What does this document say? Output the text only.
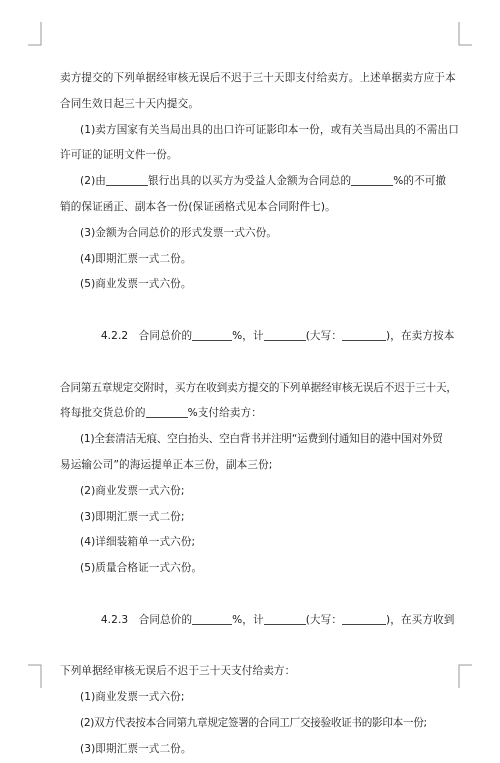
卖方提交的下列单据经审核无误后不迟于三十天即支付给卖方。上述单据卖方应于本
合同生效日起三十天内提交。
(1)卖方国家有关当局出具的出口许可证影印本一份，或有关当局出具的不需出口
许可证的证明文件一份。
(2)由	银行出具的以买方为受益人金额为合同总的	%的不可撤
销的保证函正、副本各一份(保证函格式见本合同附件七)。
(3)金额为合同总价的形式发票一式六份。
(4)即期汇票一式二份。
(5)商业发票一式六份。

4.2.2   合同总价的	%，计	(大写：	)，在卖方按本

合同第五章规定交附时，买方在收到卖方提交的下列单据经审核无误后不迟于三十天，
将每批交货总价的	%支付给卖方：
(1)全套清洁无痕、空白抬头、空白背书并注明“运费到付通知目的港中国对外贸
易运输公司”的海运提单正本三份，副本三份;
(2)商业发票一式六份;
(3)即期汇票一式二份;
(4)详细装箱单一式六份;
(5)质量合格证一式六份。

4.2.3   合同总价的	%，计	(大写：	)，在买方收到

下列单据经审核无误后不迟于三十天支付给卖方：
(1)商业发票一式六份;
(2)双方代表按本合同第九章规定签署的合同工厂交接验收证书的影印本一份;
(3)即期汇票一式二份。
